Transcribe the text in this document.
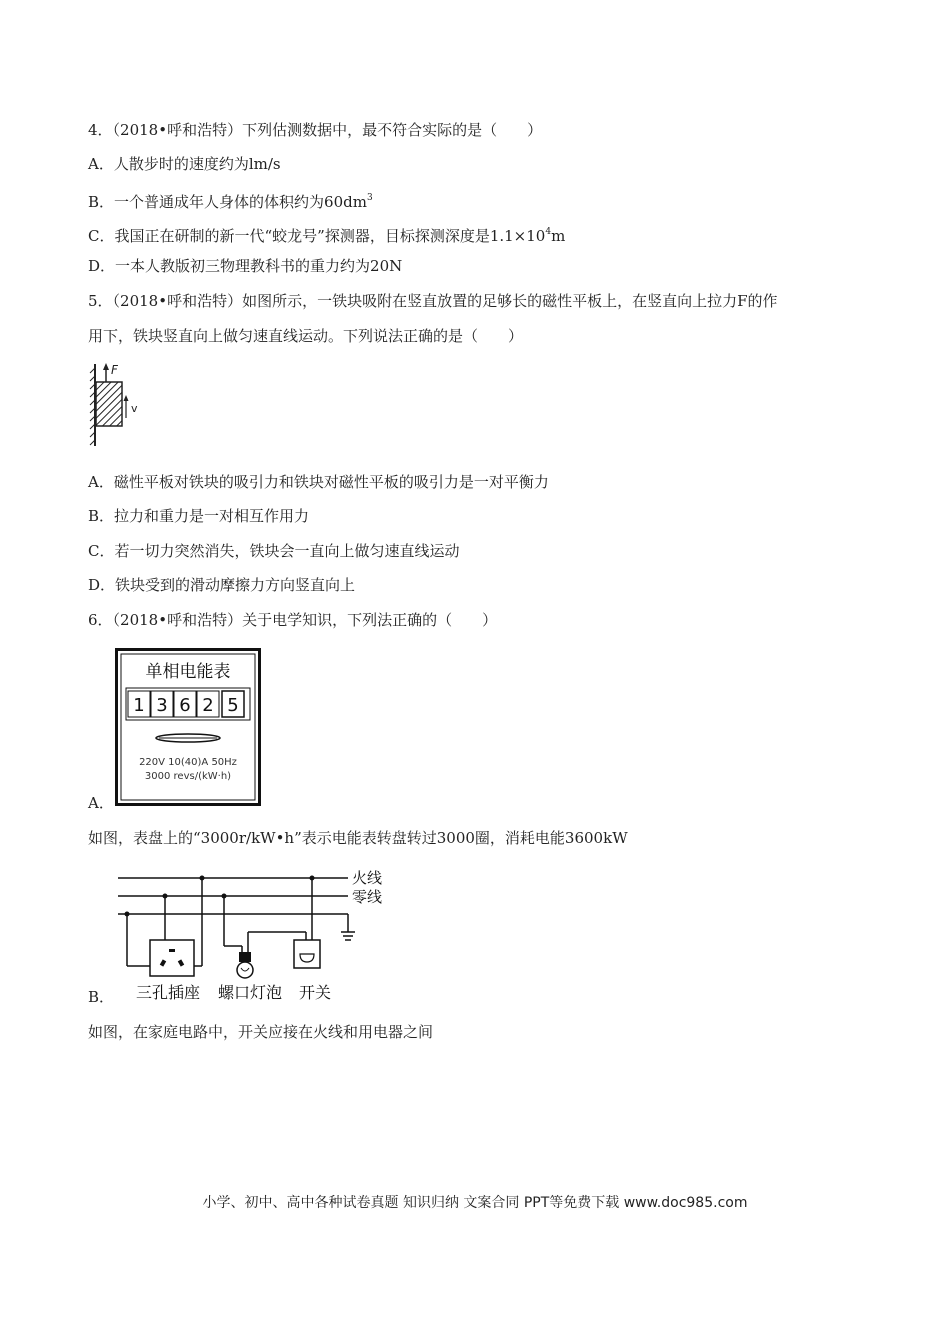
4．（2018•呼和浩特）下列估测数据中，最不符合实际的是（　　）
A．人散步时的速度约为lm/s
B．一个普通成年人身体的体积约为$60dm^3$
C．我国正在研制的新一代“蛟龙号”探测器，目标探测深度是$1.1\times 10^4m$
D．一本人教版初三物理教科书的重力约为20N
5．（2018•呼和浩特）如图所示，一铁块吸附在竖直放置的足够长的磁性平板上，在竖直向上拉力F的作
用下，铁块竖直向上做匀速直线运动。下列说法正确的是（　　）
F
v
A．磁性平板对铁块的吸引力和铁块对磁性平板的吸引力是一对平衡力
B．拉力和重力是一对相互作用力
C．若一切力突然消失，铁块会一直向上做匀速直线运动
D．铁块受到的滑动摩擦力方向竖直向上
6．（2018•呼和浩特）关于电学知识，下列法正确的（　　）
单相电能表
1 3 6 2 5
220V 10(40)A 50Hz
3000 revs/(kW·h)
A．
如图，表盘上的“3000r/kW•h”表示电能表转盘转过3000圈，消耗电能3600kW
火线
零线
三孔插座 螺口灯泡 开关
B．
如图，在家庭电路中，开关应接在火线和用电器之间
小学、初中、高中各种试卷真题 知识归纳 文案合同 PPT等免费下载 www.doc985.com
